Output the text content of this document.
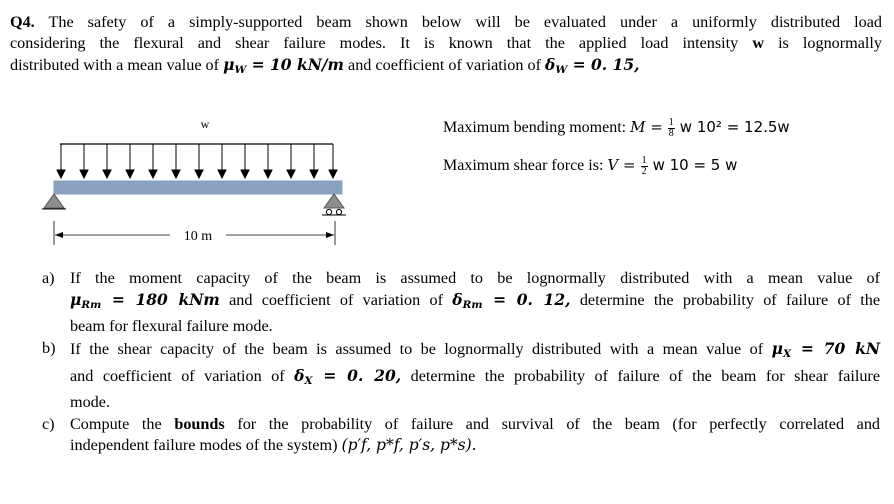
Q4. The safety of a simply-supported beam shown below will be evaluated under a uniformly distributed load
considering the flexural and shear failure modes. It is known that the applied load intensity w is lognormally
distributed with a mean value of $\mu_W = 10$ kN/m and coefficient of variation of $\delta_W = 0$. 15,
w
10 m
Maximum bending moment: $M = \frac{1}{8}$ w 10² = 12.5w
Maximum shear force is: $V = \frac{1}{2}$ w 10 = 5 w
a) If the moment capacity of the beam is assumed to be lognormally distributed with a mean value of
$\mu_{Rm} = 180$ kNm and coefficient of variation of $\delta_{Rm} = 0$. 12, determine the probability of failure of the
beam for flexural failure mode.
b) If the shear capacity of the beam is assumed to be lognormally distributed with a mean value of $\mu_X = 70$ kN
and coefficient of variation of $\delta_X = 0$. 20, determine the probability of failure of the beam for shear failure
mode.
c) Compute the bounds for the probability of failure and survival of the beam (for perfectly correlated and
independent failure modes of the system) (p′f, p*f, p′s, p*s).
